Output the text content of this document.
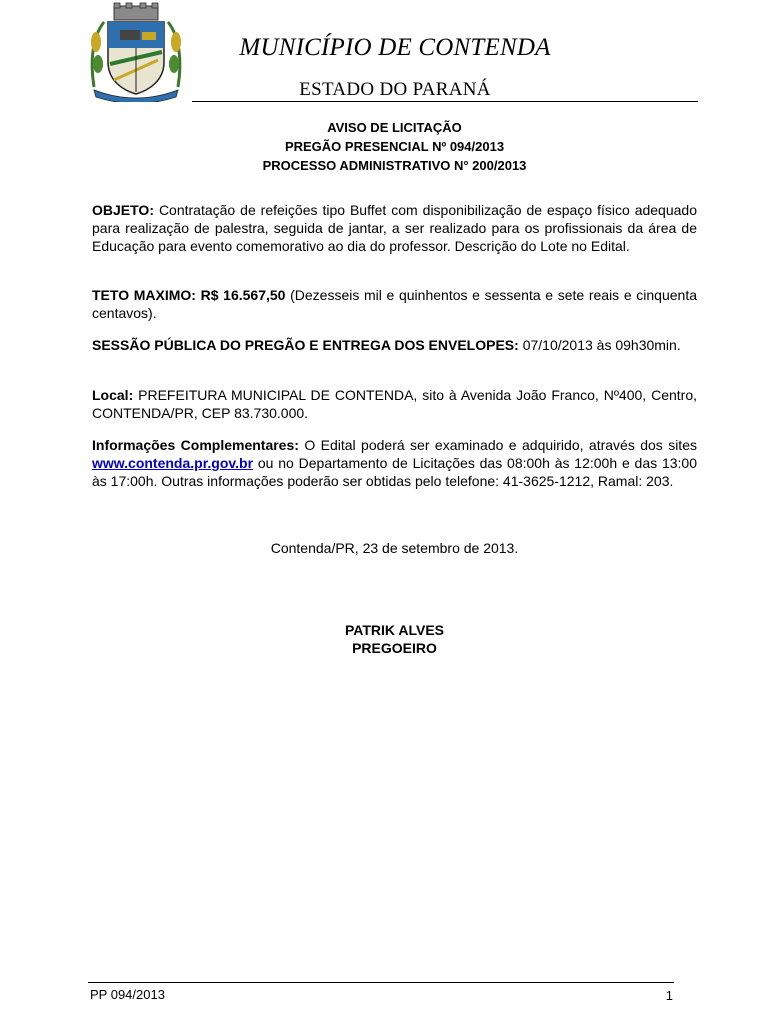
MUNICÍPIO DE CONTENDA
ESTADO DO PARANÁ
AVISO DE LICITAÇÃO
PREGÃO PRESENCIAL Nº 094/2013
PROCESSO ADMINISTRATIVO N° 200/2013
OBJETO: Contratação de refeições tipo Buffet com disponibilização de espaço físico adequado para realização de palestra, seguida de jantar, a ser realizado para os profissionais da área de Educação para evento comemorativo ao dia do professor. Descrição do Lote no Edital.
TETO MAXIMO: R$ 16.567,50 (Dezesseis mil e quinhentos e sessenta e sete reais e cinquenta centavos).
SESSÃO PÚBLICA DO PREGÃO E ENTREGA DOS ENVELOPES: 07/10/2013 às 09h30min.
Local: PREFEITURA MUNICIPAL DE CONTENDA, sito à Avenida João Franco, Nº400, Centro, CONTENDA/PR, CEP 83.730.000.
Informações Complementares: O Edital poderá ser examinado e adquirido, através dos sites www.contenda.pr.gov.br ou no Departamento de Licitações das 08:00h às 12:00h e das 13:00 às 17:00h. Outras informações poderão ser obtidas pelo telefone: 41-3625-1212, Ramal: 203.
Contenda/PR, 23 de setembro de 2013.
PATRIK ALVES
PREGOEIRO
PP 094/2013	1
